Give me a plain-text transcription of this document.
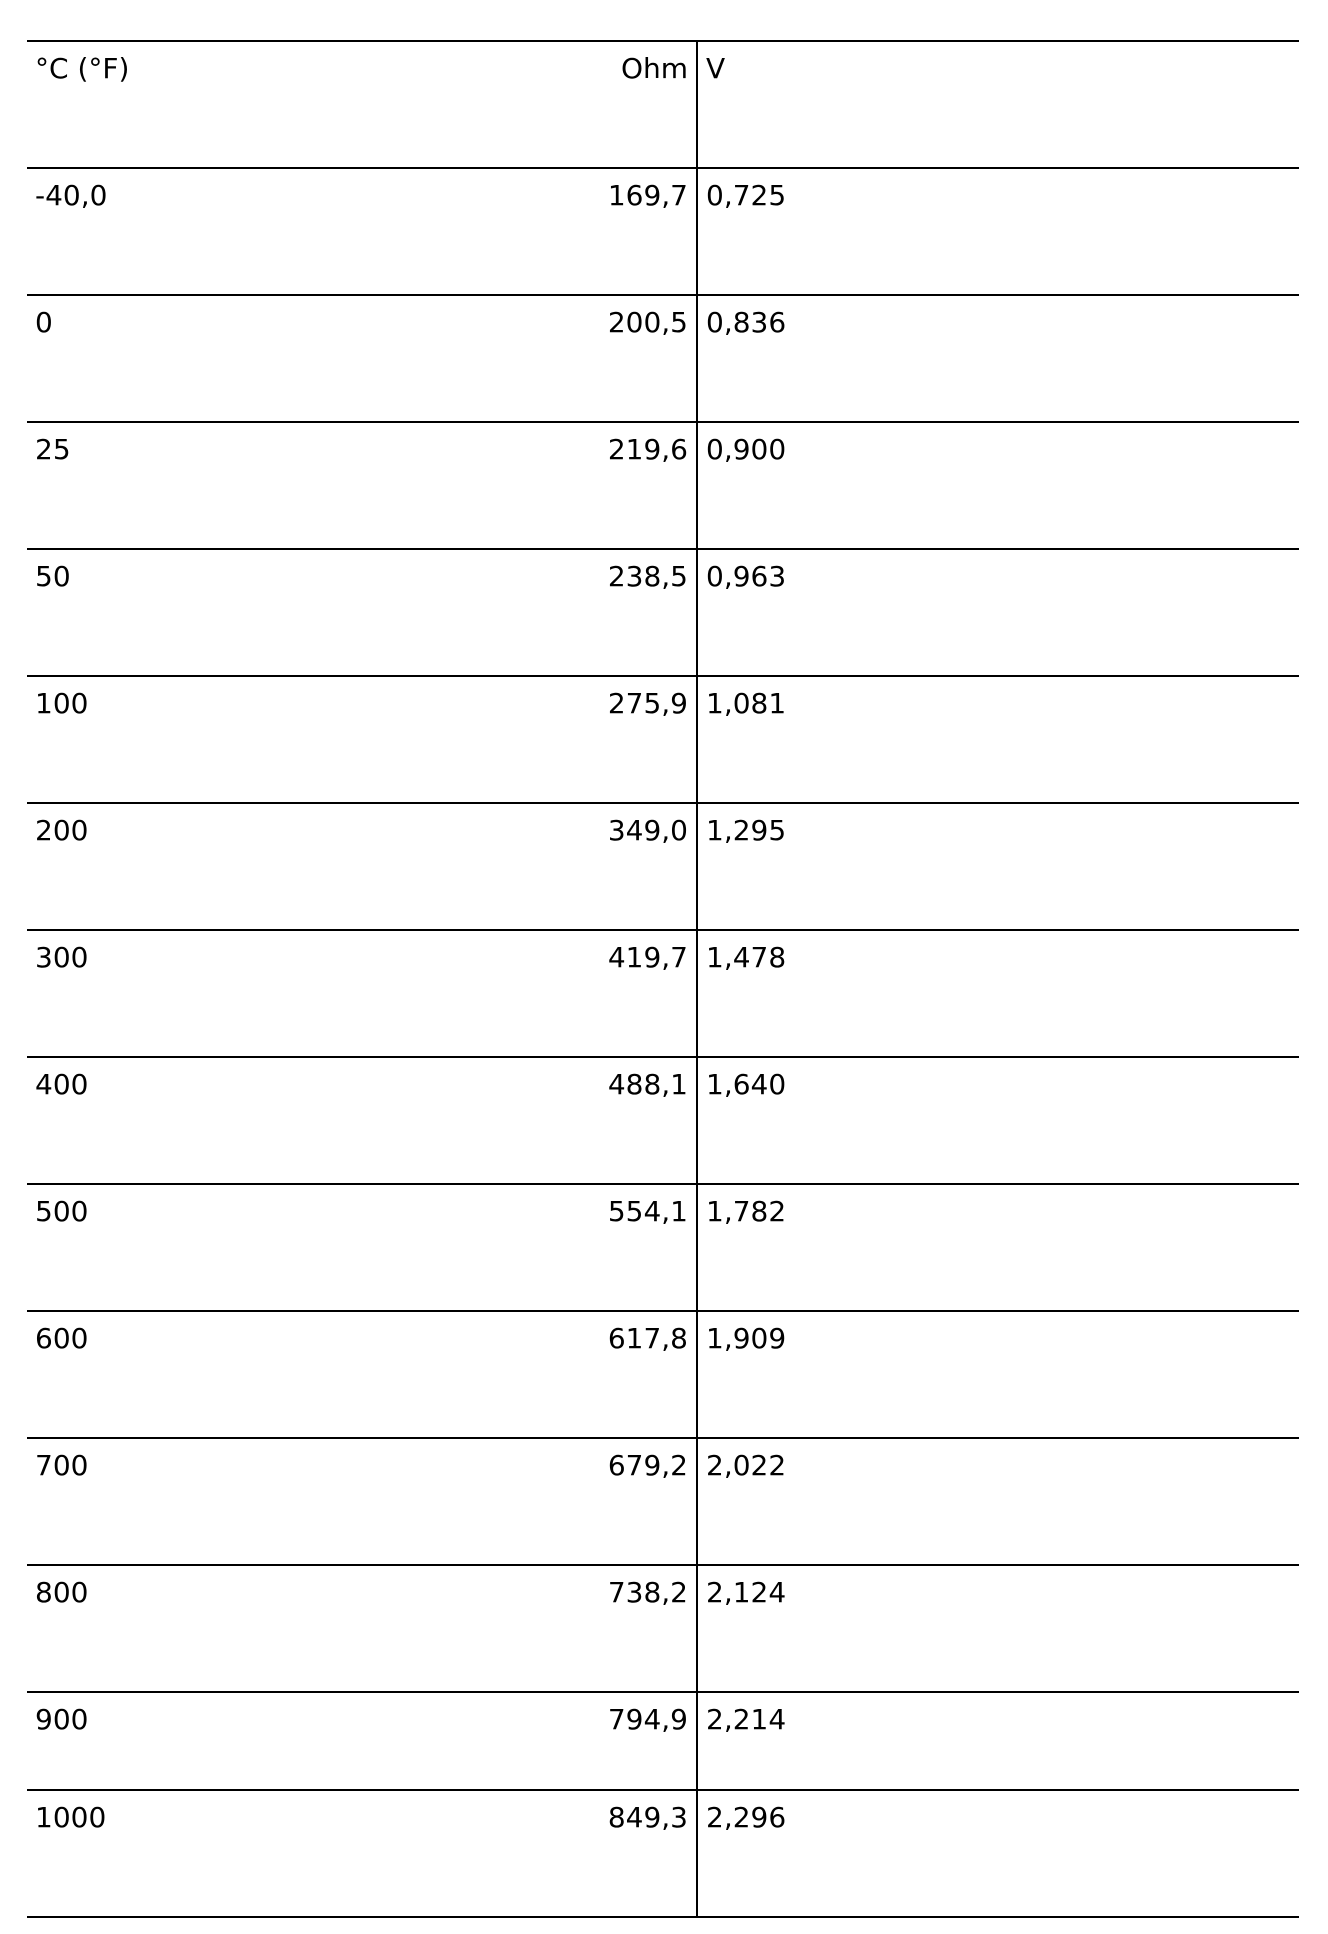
°C (°F) Ohm	V

-40,0 169,7	0,725

0 200,5	0,836

25 219,6	0,900

50 238,5	0,963

100 275,9	1,081

200 349,0	1,295

300 419,7	1,478

400 488,1	1,640

500 554,1	1,782

600 617,8	1,909

700 679,2	2,022

800 738,2	2,124

900 794,9	2,214

1000 849,3	2,296
